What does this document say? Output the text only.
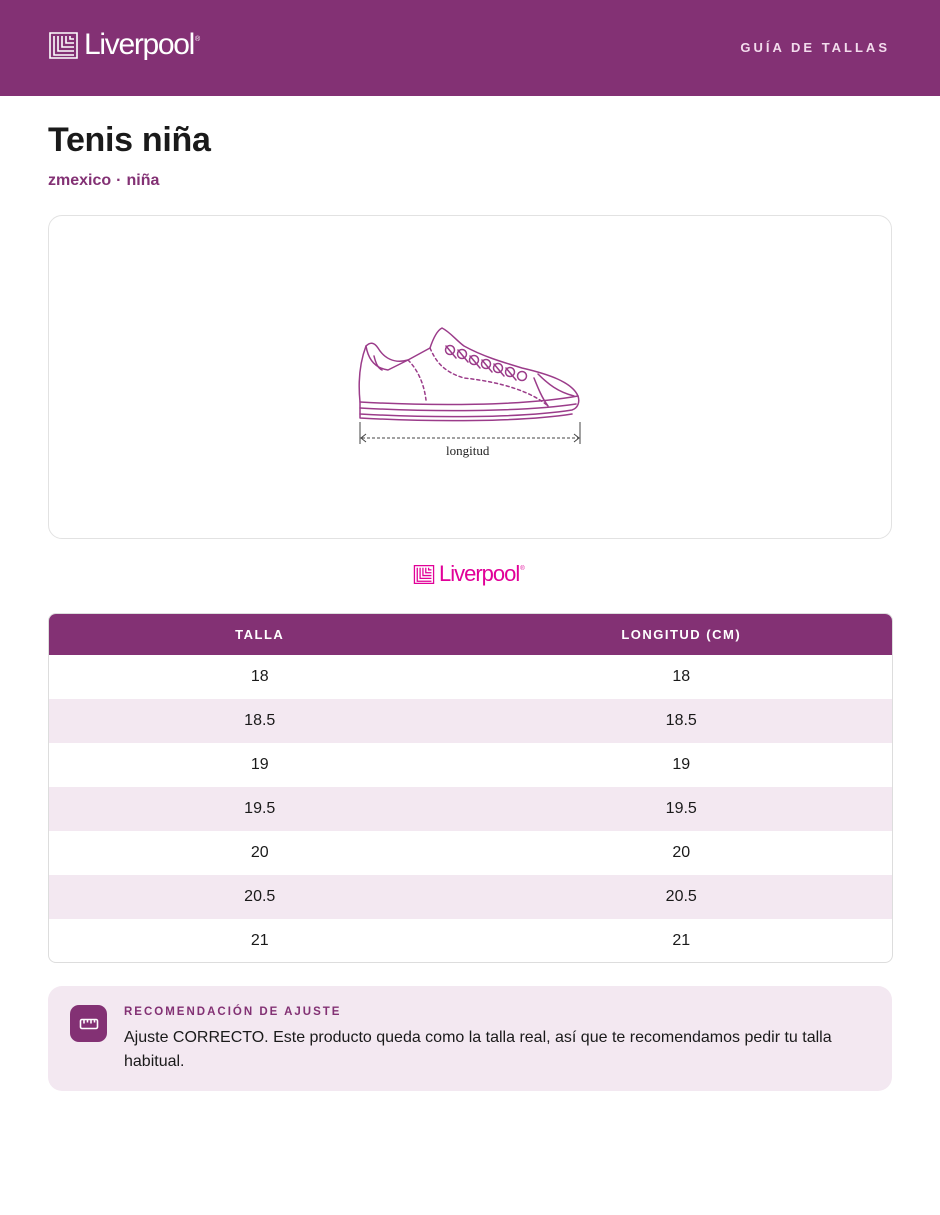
Liverpool ®
GUÍA DE TALLAS
Tenis niña
zmexico · niña
longitud
Liverpool ®
TALLA	LONGITUD (CM)
18	18
18.5	18.5
19	19
19.5	19.5
20	20
20.5	20.5
21	21
RECOMENDACIÓN DE AJUSTE
Ajuste CORRECTO. Este producto queda como la talla real, así que te recomendamos pedir tu talla habitual.
